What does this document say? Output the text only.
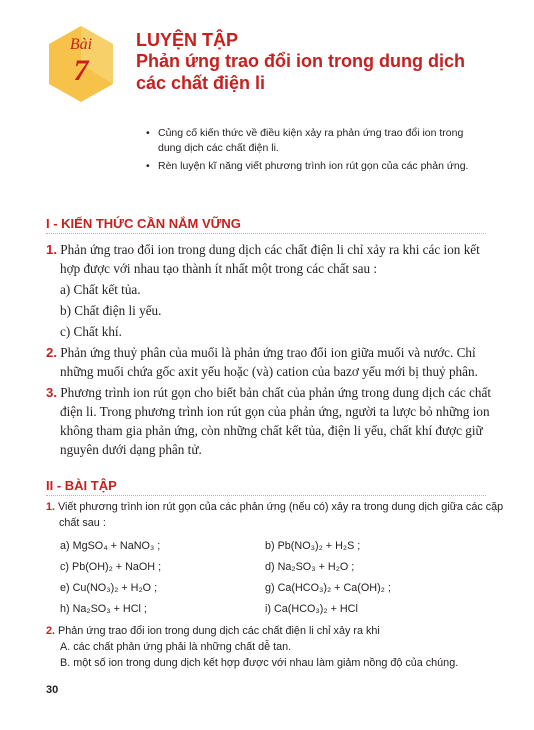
Bài
7
LUYỆN TẬP
Phản ứng trao đổi ion trong dung dịch
các chất điện li
• Củng cố kiến thức về điều kiện xảy ra phản ứng trao đổi ion trong dung dịch các chất điện li.
• Rèn luyện kĩ năng viết phương trình ion rút gọn của các phản ứng.
I - KIẾN THỨC CẦN NẮM VỮNG
1. Phản ứng trao đổi ion trong dung dịch các chất điện li chỉ xảy ra khi các ion kết hợp được với nhau tạo thành ít nhất một trong các chất sau :
a) Chất kết tủa.
b) Chất điện li yếu.
c) Chất khí.
2. Phản ứng thuỷ phân của muối là phản ứng trao đổi ion giữa muối và nước. Chỉ những muối chứa gốc axit yếu hoặc (và) cation của bazơ yếu mới bị thuỷ phân.
3. Phương trình ion rút gọn cho biết bản chất của phản ứng trong dung dịch các chất điện li. Trong phương trình ion rút gọn của phản ứng, người ta lược bỏ những ion không tham gia phản ứng, còn những chất kết tủa, điện li yếu, chất khí được giữ nguyên dưới dạng phân tử.
II - BÀI TẬP
1. Viết phương trình ion rút gọn của các phản ứng (nếu có) xảy ra trong dung dịch giữa các cặp chất sau :
a) MgSO₄ + NaNO₃ ;	b) Pb(NO₃)₂ + H₂S ;
c) Pb(OH)₂ + NaOH ;	d) Na₂SO₃ + H₂O ;
e) Cu(NO₃)₂ + H₂O ;	g) Ca(HCO₃)₂ + Ca(OH)₂ ;
h) Na₂SO₃ + HCl ;	i) Ca(HCO₃)₂ + HCl
2. Phản ứng trao đổi ion trong dung dịch các chất điện li chỉ xảy ra khi
A. các chất phản ứng phải là những chất dễ tan.
B. một số ion trong dung dịch kết hợp được với nhau làm giảm nồng độ của chúng.
30
